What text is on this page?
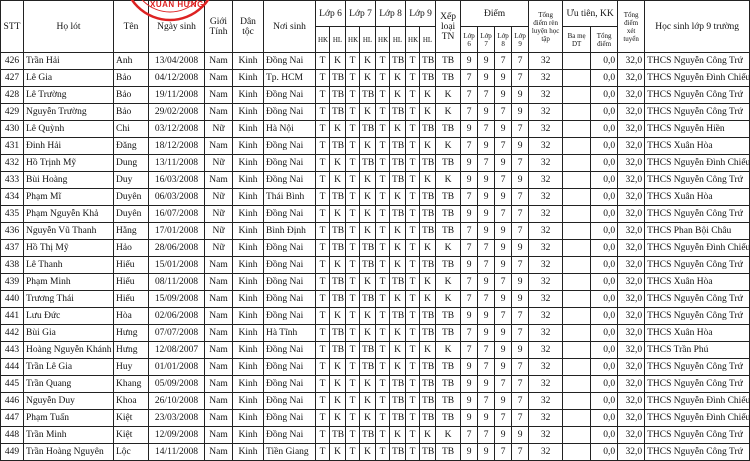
STT	Họ lót	Tên	Ngày sinh	Giới Tính	Dân tộc	Nơi sinh	Lớp 6		Lớp 7		Lớp 8		Lớp 9		Xếp loại TN	Điểm				Tổng điểm rèn luyện học tập	Ưu tiên, KK		Tổng điểm xét tuyển	Học sinh lớp 9 trường
							HK	HL	HK	HL	HK	HL	HK	HL		Lớp 6	Lớp 7	Lớp 8	Lớp 9		Ba mẹ DT	Tổng điểm		
426	Trần Hải	Anh	13/04/2008	Nam	Kinh	Đồng Nai	T	K	T	K	T	TB	T	TB	TB	9	9	7	7	32		0,0	32,0	THCS Nguyễn Công Trứ
427	Lê Gia	Bảo	04/12/2008	Nam	Kinh	Tp. HCM	T	TB	T	K	T	K	T	TB	TB	7	9	9	7	32		0,0	32,0	THCS Nguyễn Đình Chiểu
428	Lê Trường	Bảo	19/11/2008	Nam	Kinh	Đồng Nai	T	TB	T	TB	T	K	T	K	K	7	7	9	9	32		0,0	32,0	THCS Nguyễn Công Trứ
429	Nguyễn Trường	Bảo	29/02/2008	Nam	Kinh	Đồng Nai	T	TB	T	K	T	TB	T	K	K	7	9	7	9	32		0,0	32,0	THCS Nguyễn Công Trứ
430	Lê Quỳnh	Chi	03/12/2008	Nữ	Kinh	Hà Nội	T	K	T	TB	T	K	T	TB	TB	9	7	9	7	32		0,0	32,0	THCS Nguyễn Hiền
431	Đinh Hải	Đăng	18/12/2008	Nam	Kinh	Đồng Nai	T	TB	T	K	T	TB	T	K	K	7	9	7	9	32		0,0	32,0	THCS Xuân Hòa
432	Hồ Trịnh Mỹ	Dung	13/11/2008	Nữ	Kinh	Đồng Nai	T	K	T	TB	T	TB	T	TB	TB	9	7	9	7	32		0,0	32,0	THCS Nguyễn Đình Chiểu
433	Bùi Hoàng	Duy	16/03/2008	Nam	Kinh	Đồng Nai	T	K	T	K	T	TB	T	K	K	9	9	7	9	32		0,0	32,0	THCS Nguyễn Công Trứ
434	Phạm Mĩ	Duyên	06/03/2008	Nữ	Kinh	Thái Bình	T	TB	T	K	T	K	T	TB	TB	7	9	9	7	32		0,0	32,0	THCS Xuân Hòa
435	Phạm Nguyễn Khả	Duyên	16/07/2008	Nữ	Kinh	Đồng Nai	T	K	T	K	T	TB	T	TB	TB	9	9	7	7	32		0,0	32,0	THCS Nguyễn Công Trứ
436	Nguyễn Vũ Thanh	Hằng	17/01/2008	Nữ	Kinh	Bình Định	T	TB	T	K	T	K	T	TB	TB	7	9	9	7	32		0,0	32,0	THCS Phan Bội Châu
437	Hồ Thị Mỹ	Hảo	28/06/2008	Nữ	Kinh	Đồng Nai	T	TB	T	TB	T	K	T	K	K	7	7	9	9	32		0,0	32,0	THCS Nguyễn Đình Chiểu
438	Lê Thanh	Hiếu	15/01/2008	Nam	Kinh	Đồng Nai	T	K	T	TB	T	K	T	TB	TB	9	7	9	7	32		0,0	32,0	THCS Nguyễn Công Trứ
439	Phạm Minh	Hiếu	08/11/2008	Nam	Kinh	Đồng Nai	T	TB	T	K	T	TB	T	K	K	7	9	7	9	32		0,0	32,0	THCS Xuân Hòa
440	Trương Thái	Hiếu	15/09/2008	Nam	Kinh	Đồng Nai	T	TB	T	TB	T	K	T	K	K	7	7	9	9	32		0,0	32,0	THCS Nguyễn Công Trứ
441	Lưu Đức	Hòa	02/06/2008	Nam	Kinh	Đồng Nai	T	K	T	K	T	TB	T	TB	TB	9	9	7	7	32		0,0	32,0	THCS Nguyễn Công Trứ
442	Bùi Gia	Hưng	07/07/2008	Nam	Kinh	Hà Tĩnh	T	TB	T	K	T	K	T	TB	TB	7	9	9	7	32		0,0	32,0	THCS Xuân Hòa
443	Hoàng Nguyễn Khánh	Hưng	12/08/2007	Nam	Kinh	Đồng Nai	T	TB	T	TB	T	K	T	K	K	7	7	9	9	32		0,0	32,0	THCS Trần Phú
444	Trần Lê Gia	Huy	01/01/2008	Nam	Kinh	Đồng Nai	T	K	T	TB	T	K	T	TB	TB	9	7	9	7	32		0,0	32,0	THCS Nguyễn Công Trứ
445	Trần Quang	Khang	05/09/2008	Nam	Kinh	Đồng Nai	T	K	T	K	T	TB	T	TB	TB	9	9	7	7	32		0,0	32,0	THCS Nguyễn Công Trứ
446	Nguyễn Duy	Khoa	26/10/2008	Nam	Kinh	Đồng Nai	T	K	T	K	T	TB	T	TB	TB	9	7	9	7	32		0,0	32,0	THCS Nguyễn Đình Chiểu
447	Phạm Tuấn	Kiệt	23/03/2008	Nam	Kinh	Đồng Nai	T	K	T	K	T	TB	T	TB	TB	9	9	7	7	32		0,0	32,0	THCS Nguyễn Đình Chiểu
448	Trần Minh	Kiệt	12/09/2008	Nam	Kinh	Đồng Nai	T	TB	T	TB	T	K	T	K	K	7	7	9	9	32		0,0	32,0	THCS Nguyễn Công Trứ
449	Trần Hoàng Nguyên	Lộc	14/11/2008	Nam	Kinh	Tiền Giang	T	K	T	K	T	TB	T	TB	TB	9	9	7	7	32		0,0	32,0	THCS Nguyễn Công Trứ
XUÂN HƯNG
